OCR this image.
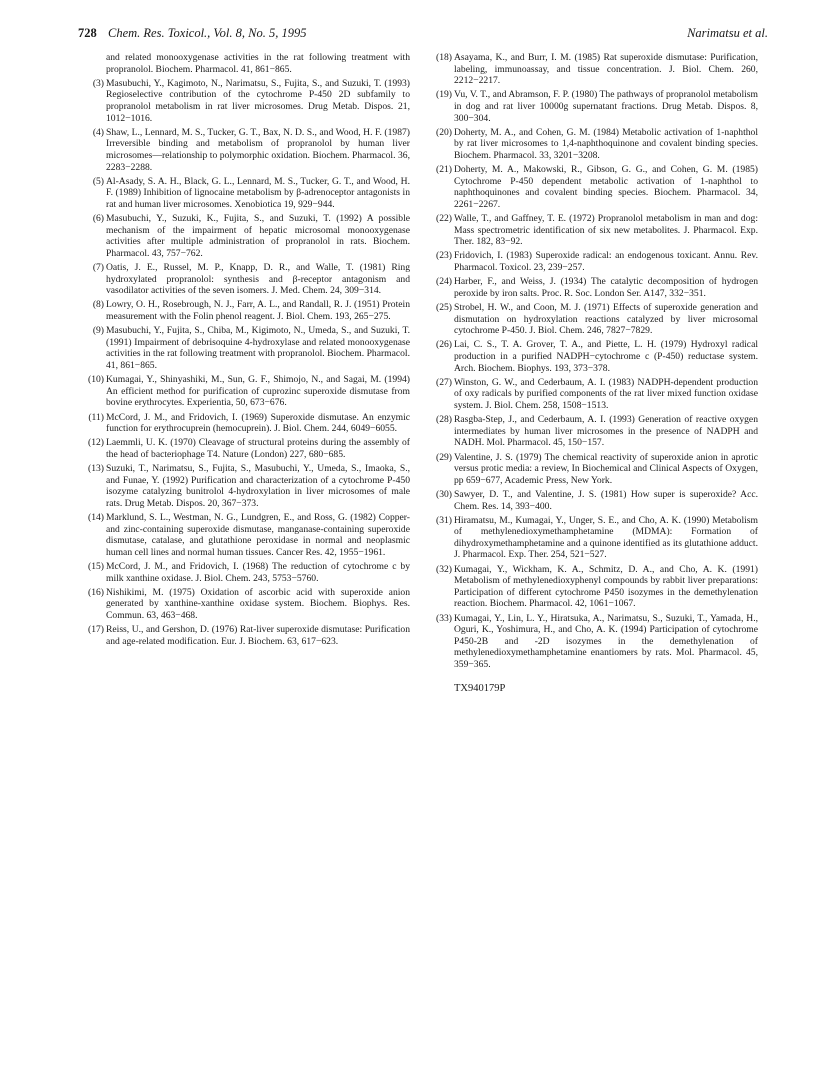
728 Chem. Res. Toxicol., Vol. 8, No. 5, 1995	Narimatsu et al.
and related monooxygenase activities in the rat following treatment with propranolol. Biochem. Pharmacol. 41, 861−865.
(3) Masubuchi, Y., Kagimoto, N., Narimatsu, S., Fujita, S., and Suzuki, T. (1993) Regioselective contribution of the cytochrome P-450 2D subfamily to propranolol metabolism in rat liver microsomes. Drug Metab. Dispos. 21, 1012−1016.
(4) Shaw, L., Lennard, M. S., Tucker, G. T., Bax, N. D. S., and Wood, H. F. (1987) Irreversible binding and metabolism of propranolol by human liver microsomes—relationship to polymorphic oxidation. Biochem. Pharmacol. 36, 2283−2288.
(5) Al-Asady, S. A. H., Black, G. L., Lennard, M. S., Tucker, G. T., and Wood, H. F. (1989) Inhibition of lignocaine metabolism by β-adrenoceptor antagonists in rat and human liver microsomes. Xenobiotica 19, 929−944.
(6) Masubuchi, Y., Suzuki, K., Fujita, S., and Suzuki, T. (1992) A possible mechanism of the impairment of hepatic microsomal monooxygenase activities after multiple administration of propranolol in rats. Biochem. Pharmacol. 43, 757−762.
(7) Oatis, J. E., Russel, M. P., Knapp, D. R., and Walle, T. (1981) Ring hydroxylated propranolol: synthesis and β-receptor antagonism and vasodilator activities of the seven isomers. J. Med. Chem. 24, 309−314.
(8) Lowry, O. H., Rosebrough, N. J., Farr, A. L., and Randall, R. J. (1951) Protein measurement with the Folin phenol reagent. J. Biol. Chem. 193, 265−275.
(9) Masubuchi, Y., Fujita, S., Chiba, M., Kigimoto, N., Umeda, S., and Suzuki, T. (1991) Impairment of debrisoquine 4-hydroxylase and related monooxygenase activities in the rat following treatment with propranolol. Biochem. Pharmacol. 41, 861−865.
(10) Kumagai, Y., Shinyashiki, M., Sun, G. F., Shimojo, N., and Sagai, M. (1994) An efficient method for purification of cuprozinc superoxide dismutase from bovine erythrocytes. Experientia, 50, 673−676.
(11) McCord, J. M., and Fridovich, I. (1969) Superoxide dismutase. An enzymic function for erythrocuprein (hemocuprein). J. Biol. Chem. 244, 6049−6055.
(12) Laemmli, U. K. (1970) Cleavage of structural proteins during the assembly of the head of bacteriophage T4. Nature (London) 227, 680−685.
(13) Suzuki, T., Narimatsu, S., Fujita, S., Masubuchi, Y., Umeda, S., Imaoka, S., and Funae, Y. (1992) Purification and characterization of a cytochrome P-450 isozyme catalyzing bunitrolol 4-hydroxylation in liver microsomes of male rats. Drug Metab. Dispos. 20, 367−373.
(14) Marklund, S. L., Westman, N. G., Lundgren, E., and Ross, G. (1982) Copper- and zinc-containing superoxide dismutase, manganase-containing superoxide dismutase, catalase, and glutathione peroxidase in normal and neoplasmic human cell lines and normal human tissues. Cancer Res. 42, 1955−1961.
(15) McCord, J. M., and Fridovich, I. (1968) The reduction of cytochrome c by milk xanthine oxidase. J. Biol. Chem. 243, 5753−5760.
(16) Nishikimi, M. (1975) Oxidation of ascorbic acid with superoxide anion generated by xanthine-xanthine oxidase system. Biochem. Biophys. Res. Commun. 63, 463−468.
(17) Reiss, U., and Gershon, D. (1976) Rat-liver superoxide dismutase: Purification and age-related modification. Eur. J. Biochem. 63, 617−623.
(18) Asayama, K., and Burr, I. M. (1985) Rat superoxide dismutase: Purification, labeling, immunoassay, and tissue concentration. J. Biol. Chem. 260, 2212−2217.
(19) Vu, V. T., and Abramson, F. P. (1980) The pathways of propranolol metabolism in dog and rat liver 10000g supernatant fractions. Drug Metab. Dispos. 8, 300−304.
(20) Doherty, M. A., and Cohen, G. M. (1984) Metabolic activation of 1-naphthol by rat liver microsomes to 1,4-naphthoquinone and covalent binding species. Biochem. Pharmacol. 33, 3201−3208.
(21) Doherty, M. A., Makowski, R., Gibson, G. G., and Cohen, G. M. (1985) Cytochrome P-450 dependent metabolic activation of 1-naphthol to naphthoquinones and covalent binding species. Biochem. Pharmacol. 34, 2261−2267.
(22) Walle, T., and Gaffney, T. E. (1972) Propranolol metabolism in man and dog: Mass spectrometric identification of six new metabolites. J. Pharmacol. Exp. Ther. 182, 83−92.
(23) Fridovich, I. (1983) Superoxide radical: an endogenous toxicant. Annu. Rev. Pharmacol. Toxicol. 23, 239−257.
(24) Harber, F., and Weiss, J. (1934) The catalytic decomposition of hydrogen peroxide by iron salts. Proc. R. Soc. London Ser. A147, 332−351.
(25) Strobel, H. W., and Coon, M. J. (1971) Effects of superoxide generation and dismutation on hydroxylation reactions catalyzed by liver microsomal cytochrome P-450. J. Biol. Chem. 246, 7827−7829.
(26) Lai, C. S., T. A. Grover, T. A., and Piette, L. H. (1979) Hydroxyl radical production in a purified NADPH−cytochrome c (P-450) reductase system. Arch. Biochem. Biophys. 193, 373−378.
(27) Winston, G. W., and Cederbaum, A. I. (1983) NADPH-dependent production of oxy radicals by purified components of the rat liver mixed function oxidase system. J. Biol. Chem. 258, 1508−1513.
(28) Rasgba-Step, J., and Cederbaum, A. I. (1993) Generation of reactive oxygen intermediates by human liver microsomes in the presence of NADPH and NADH. Mol. Pharmacol. 45, 150−157.
(29) Valentine, J. S. (1979) The chemical reactivity of superoxide anion in aprotic versus protic media: a review, In Biochemical and Clinical Aspects of Oxygen, pp 659−677, Academic Press, New York.
(30) Sawyer, D. T., and Valentine, J. S. (1981) How super is superoxide? Acc. Chem. Res. 14, 393−400.
(31) Hiramatsu, M., Kumagai, Y., Unger, S. E., and Cho, A. K. (1990) Metabolism of methylenedioxymethamphetamine (MDMA): Formation of dihydroxymethamphetamine and a quinone identified as its glutathione adduct. J. Pharmacol. Exp. Ther. 254, 521−527.
(32) Kumagai, Y., Wickham, K. A., Schmitz, D. A., and Cho, A. K. (1991) Metabolism of methylenedioxyphenyl compounds by rabbit liver preparations: Participation of different cytochrome P450 isozymes in the demethylenation reaction. Biochem. Pharmacol. 42, 1061−1067.
(33) Kumagai, Y., Lin, L. Y., Hiratsuka, A., Narimatsu, S., Suzuki, T., Yamada, H., Oguri, K., Yoshimura, H., and Cho, A. K. (1994) Participation of cytochrome P450-2B and -2D isozymes in the demethylenation of methylenedioxymethamphetamine enantiomers by rats. Mol. Pharmacol. 45, 359−365.
TX940179P
